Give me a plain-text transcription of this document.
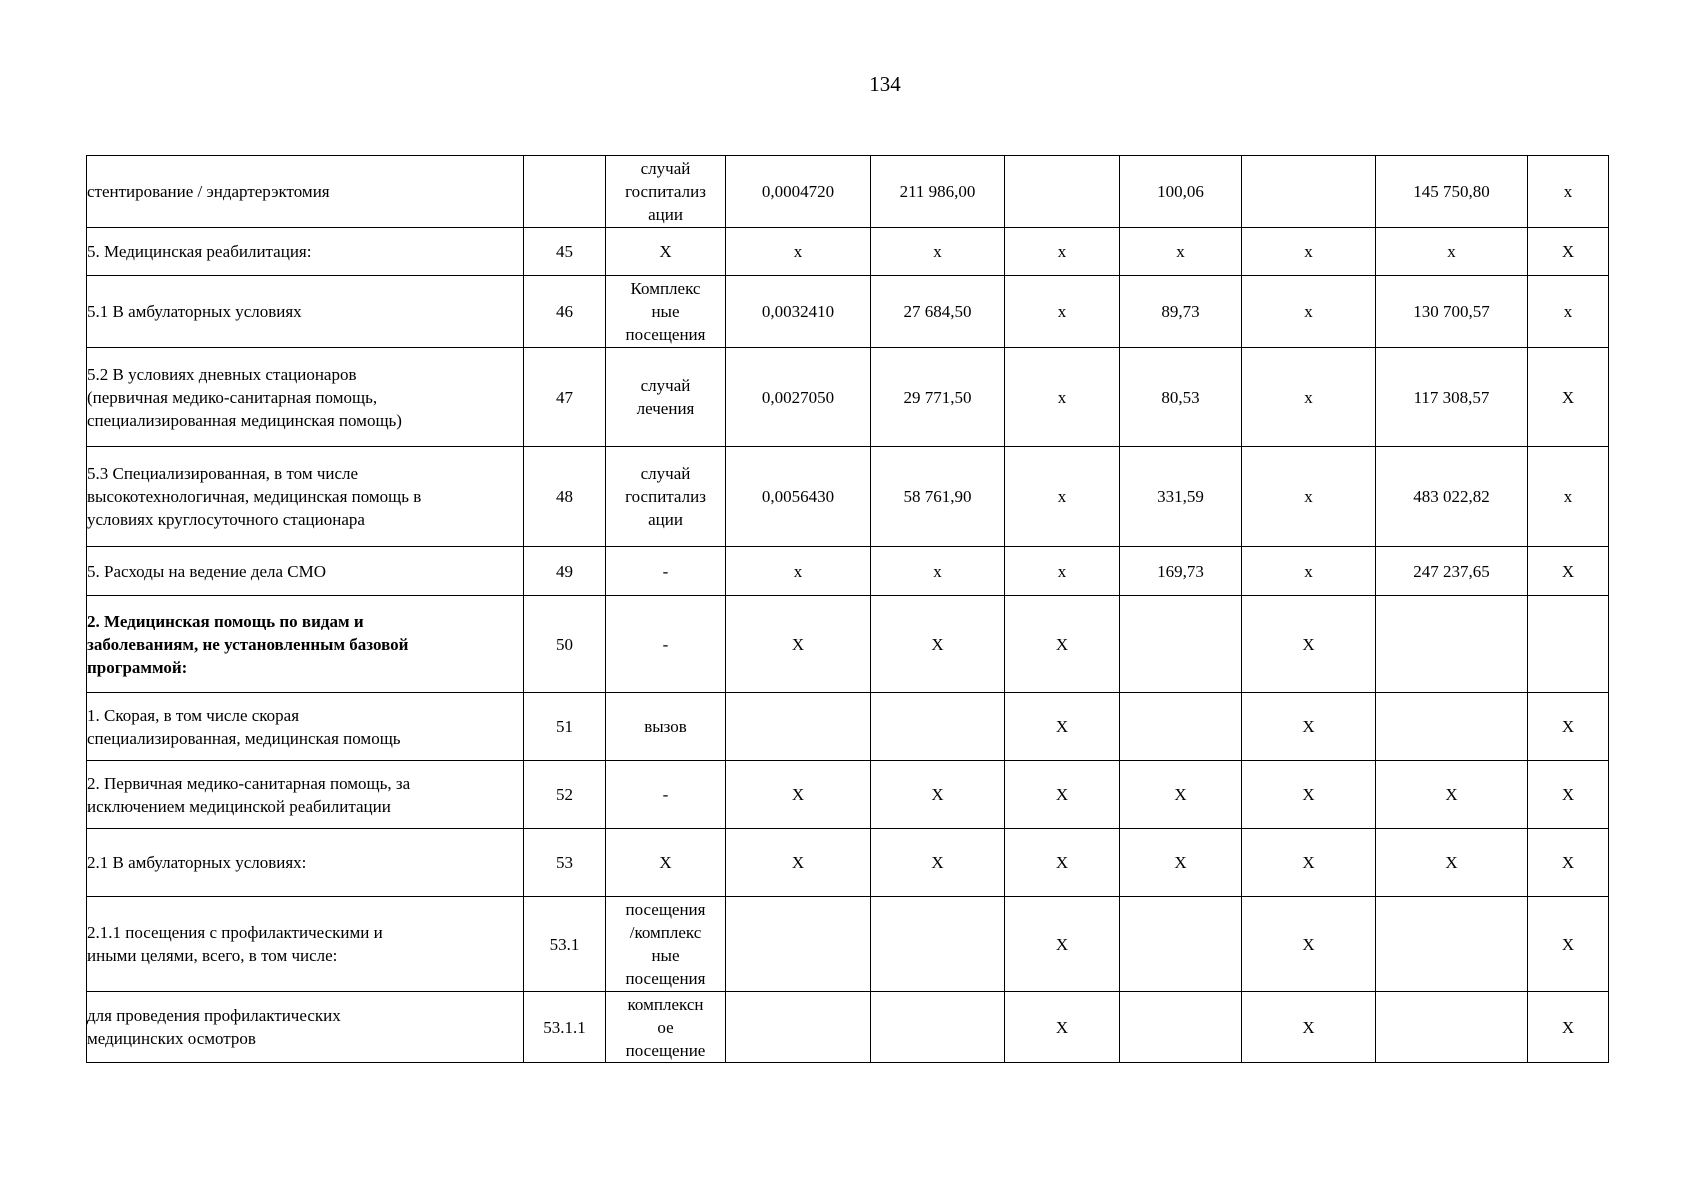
134
стентирование / эндартерэктомия		случай
госпитализ
ации	0,0004720	211 986,00		100,06		145 750,80	x
5. Медицинская реабилитация:	45	X	x	x	x	x	x	x	X
5.1 В амбулаторных условиях	46	Комплекс
ные
посещения	0,0032410	27 684,50	x	89,73	x	130 700,57	x
5.2 В условиях дневных стационаров
(первичная медико-санитарная помощь,
специализированная медицинская помощь)	47	случай
лечения	0,0027050	29 771,50	x	80,53	x	117 308,57	X
5.3 Специализированная, в том числе
высокотехнологичная, медицинская помощь в
условиях круглосуточного стационара	48	случай
госпитализ
ации	0,0056430	58 761,90	x	331,59	x	483 022,82	x
5. Расходы на ведение дела СМО	49	-	x	x	x	169,73	x	247 237,65	X
2. Медицинская помощь по видам и
заболеваниям, не установленным базовой
программой:	50	-	X	X	X		X		
1. Скорая, в том числе скорая
специализированная, медицинская помощь	51	вызов			X		X		X
2. Первичная медико-санитарная помощь, за
исключением медицинской реабилитации	52	-	X	X	X	X	X	X	X
2.1 В амбулаторных условиях:	53	X	X	X	X	X	X	X	X
2.1.1 посещения с профилактическими и
иными целями, всего, в том числе:	53.1	посещения
/комплекс
ные
посещения			X		X		X
для проведения профилактических
медицинских осмотров	53.1.1	комплексн
ое
посещение			X		X		X
